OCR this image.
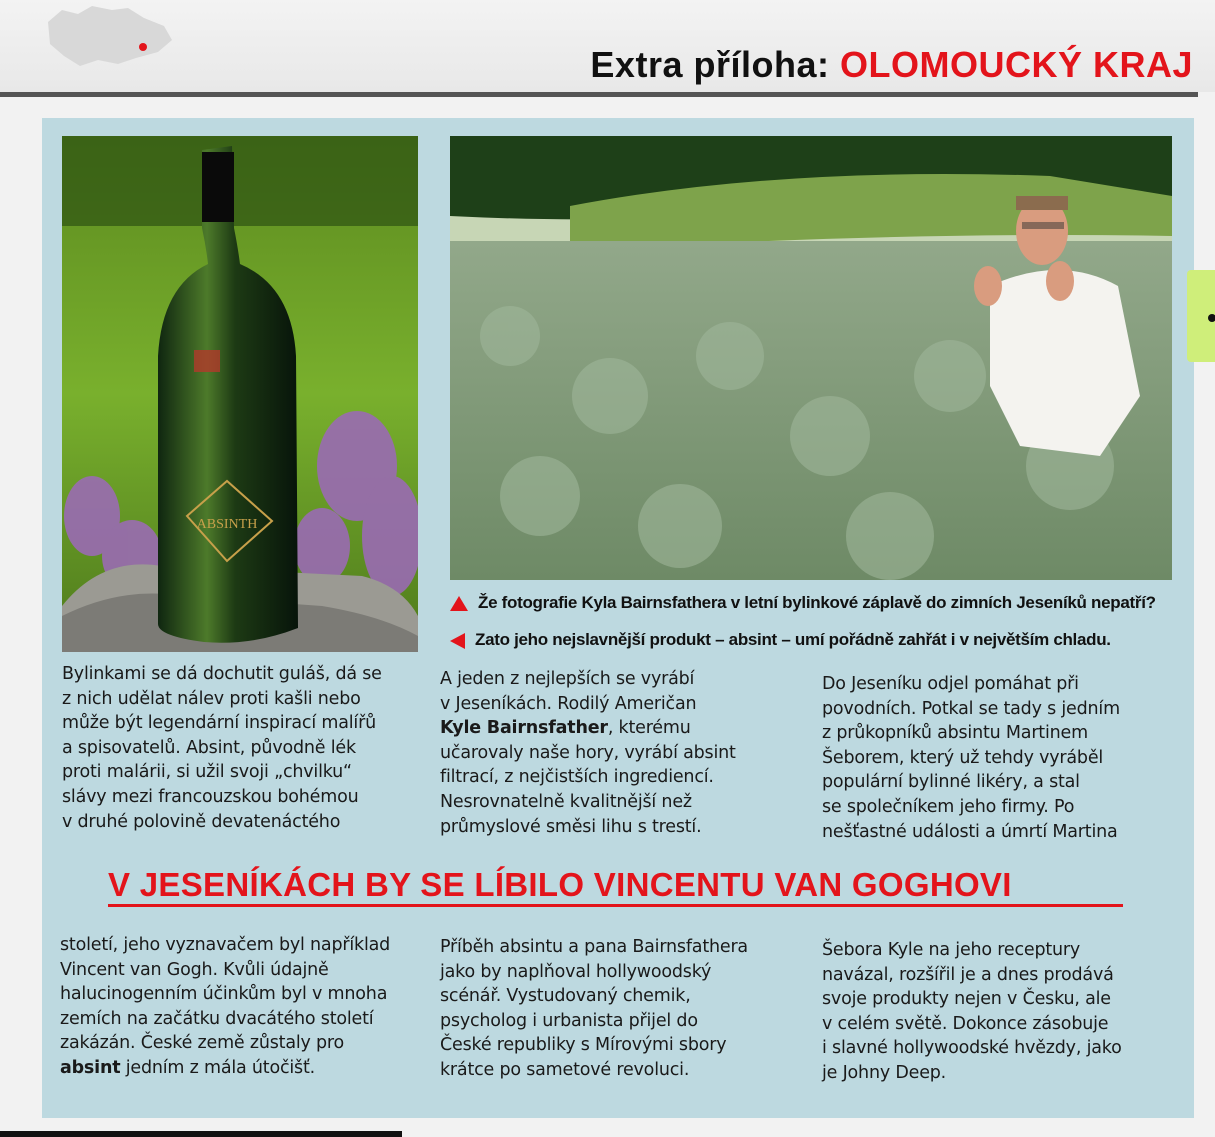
Extra příloha: OLOMOUCKÝ KRAJ
ABSINTH
Že fotografie Kyla Bairnsfathera v letní bylinkové záplavě do zimních Jeseníků nepatří?
Zato jeho nejslavnější produkt – absint – umí pořádně zahřát i v největším chladu.
Bylinkami se dá dochutit guláš, dá se
z nich udělat nálev proti kašli nebo
může být legendární inspirací malířů
a spisovatelů. Absint, původně lék
proti malárii, si užil svoji „chvilku“
slávy mezi francouzskou bohémou
v druhé polovině devatenáctého
A jeden z nejlepších se vyrábí
v Jeseníkách. Rodilý Američan
Kyle Bairnsfather, kterému
učarovaly naše hory, vyrábí absint
filtrací, z nejčistších ingrediencí.
Nesrovnatelně kvalitnější než
průmyslové směsi lihu s trestí.
Do Jeseníku odjel pomáhat při
povodních. Potkal se tady s jedním
z průkopníků absintu Martinem
Šeborem, který už tehdy vyráběl
populární bylinné likéry, a stal
se společníkem jeho firmy. Po
nešťastné události a úmrtí Martina
V JESENÍKÁCH BY SE LÍBILO VINCENTU VAN GOGHOVI
století, jeho vyznavačem byl například
Vincent van Gogh. Kvůli údajně
halucinogenním účinkům byl v mnoha
zemích na začátku dvacátého století
zakázán. České země zůstaly pro
absint jedním z mála útočišť.
Příběh absintu a pana Bairnsfathera
jako by naplňoval hollywoodský
scénář. Vystudovaný chemik,
psycholog i urbanista přijel do
České republiky s Mírovými sbory
krátce po sametové revoluci.
Šebora Kyle na jeho receptury
navázal, rozšířil je a dnes prodává
svoje produkty nejen v Česku, ale
v celém světě. Dokonce zásobuje
i slavné hollywoodské hvězdy, jako
je Johny Deep.
